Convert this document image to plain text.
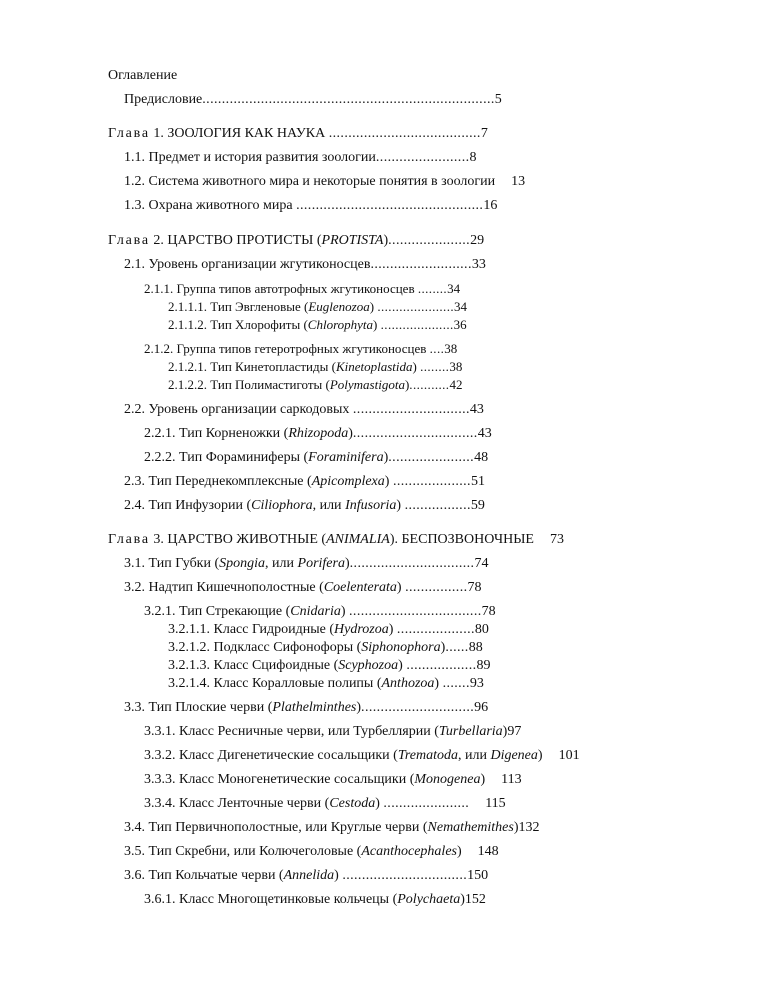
Оглавление
Предисловие...........................................................................5
Глава 1. ЗООЛОГИЯ КАК НАУКА .......................................7
1.1. Предмет и история развития зоологии........................8
1.2. Система животного мира и некоторые понятия в зоологии 13
1.3. Охрана животного мира ................................................16
Глава 2. ЦАРСТВО ПРОТИСТЫ (PROTISTA).....................29
2.1. Уровень организации жгутиконосцев..........................33
2.1.1. Группа типов автотрофных жгутиконосцев ........34
2.1.1.1. Тип Эвгленовые (Euglenozoa) .....................34
2.1.1.2. Тип Хлорофиты (Chlorophyta) ....................36
2.1.2. Группа типов гетеротрофных жгутиконосцев ....38
2.1.2.1. Тип Кинетопластиды (Kinetoplastida) ........38
2.1.2.2. Тип Полимастиготы (Polymastigota)...........42
2.2. Уровень организации саркодовых ..............................43
2.2.1. Тип Корненожки (Rhizopoda)................................43
2.2.2. Тип Фораминиферы (Foraminifera)......................48
2.3. Тип Переднекомплексные (Apicomplexa) ....................51
2.4. Тип Инфузории (Ciliophora, или Infusoria) .................59
Глава 3. ЦАРСТВО ЖИВОТНЫЕ (ANIMALIA). БЕСПОЗВОНОЧНЫЕ 73
3.1. Тип Губки (Spongia, или Porifera)................................74
3.2. Надтип Кишечнополостные (Coelenterata) ................78
3.2.1. Тип Стрекающие (Cnidaria) ..................................78
3.2.1.1. Класс Гидроидные (Hydrozoa) ....................80
3.2.1.2. Подкласс Сифонофоры (Siphonophora)......88
3.2.1.3. Класс Сцифоидные (Scyphozoa) ..................89
3.2.1.4. Класс Коралловые полипы (Anthozoa) .......93
3.3. Тип Плоские черви (Plathelminthes).............................96
3.3.1. Класс Ресничные черви, или Турбеллярии (Turbellaria)97
3.3.2. Класс Дигенетические сосальщики (Trematoda, или Digenea) 101
3.3.3. Класс Моногенетические сосальщики (Monogenea) 113
3.3.4. Класс Ленточные черви (Cestoda) ...................... 115
3.4. Тип Первичнополостные, или Круглые черви (Nemathemithes)132
3.5. Тип Скребни, или Колючеголовые (Acanthocephales) 148
3.6. Тип Кольчатые черви (Annelida) ................................150
3.6.1. Класс Многощетинковые кольчецы (Polychaeta)152
